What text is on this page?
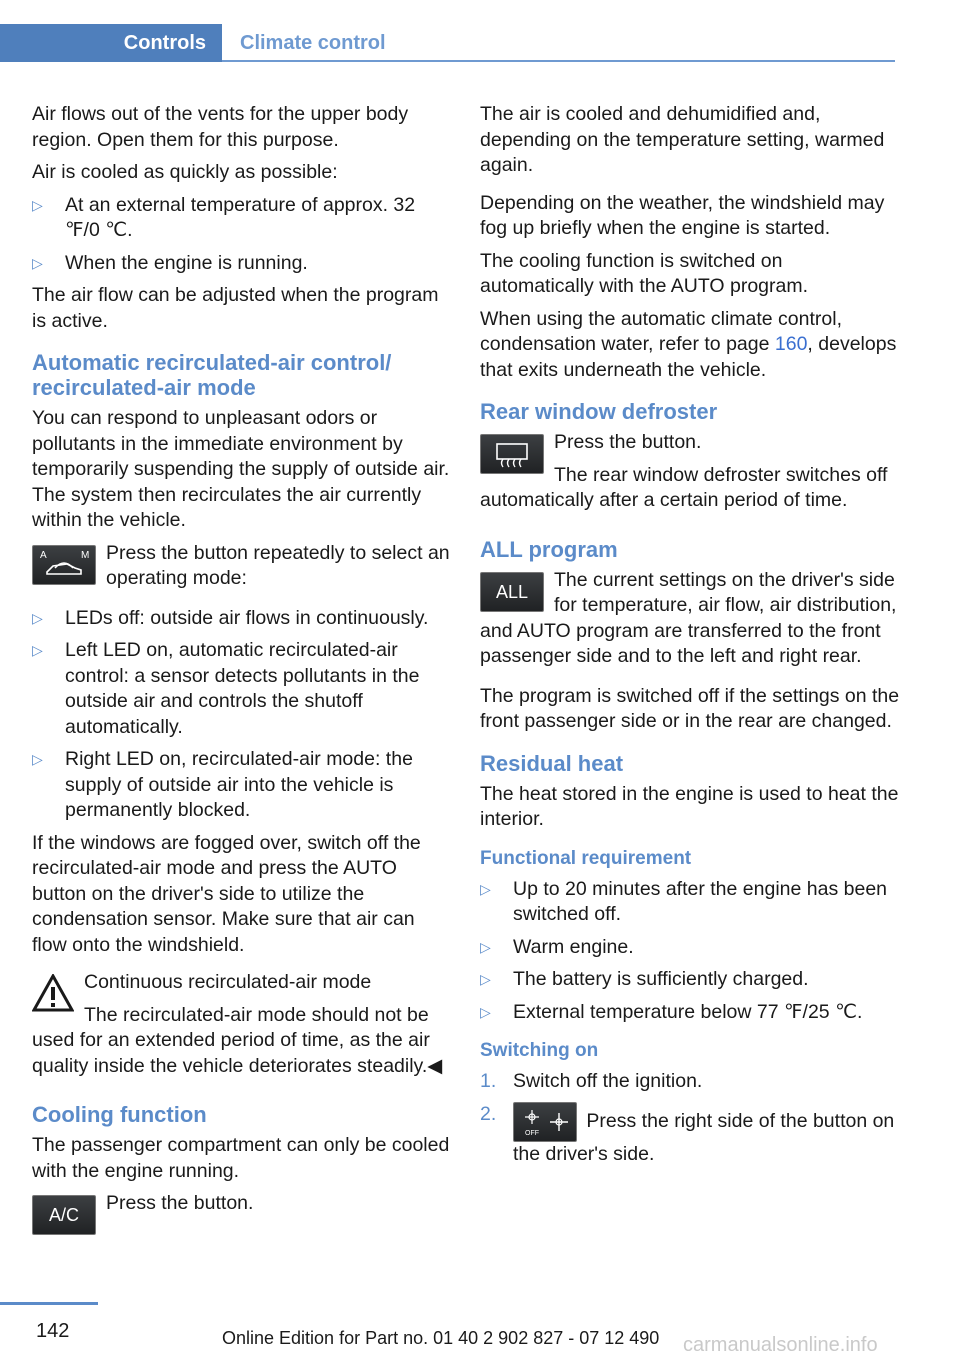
Controls	Climate control

Air flows out of the vents for the upper body region. Open them for this purpose.

Air is cooled as quickly as possible:

▷ At an external temperature of approx. 32 ℉/0 ℃.
▷ When the engine is running.

The air flow can be adjusted when the program is active.

Automatic recirculated-air control/ recirculated-air mode

You can respond to unpleasant odors or pollutants in the immediate environment by temporarily suspending the supply of outside air. The system then recirculates the air currently within the vehicle.

A	M Press the button repeatedly to select an operating mode:

▷ LEDs off: outside air flows in continuously.
▷ Left LED on, automatic recirculated-air control: a sensor detects pollutants in the outside air and controls the shutoff automatically.
▷ Right LED on, recirculated-air mode: the supply of outside air into the vehicle is permanently blocked.

If the windows are fogged over, switch off the recirculated-air mode and press the AUTO button on the driver's side to utilize the condensation sensor. Make sure that air can flow onto the windshield.

Continuous recirculated-air mode

The recirculated-air mode should not be used for an extended period of time, as the air quality inside the vehicle deteriorates steadily.◀

Cooling function

The passenger compartment can only be cooled with the engine running.

A/C

Press the button.

The air is cooled and dehumidified and, depending on the temperature setting, warmed again.

Depending on the weather, the windshield may fog up briefly when the engine is started.

The cooling function is switched on automatically with the AUTO program.

When using the automatic climate control, condensation water, refer to page 160, develops that exits underneath the vehicle.

Rear window defroster

Press the button.

The rear window defroster switches off automatically after a certain period of time.

ALL program
ALL

The current settings on the driver's side for temperature, air flow, air distribution, and AUTO program are transferred to the front passenger side and to the left and right rear.

The program is switched off if the settings on the front passenger side or in the rear are changed.

Residual heat

The heat stored in the engine is used to heat the interior.

Functional requirement
▷ Up to 20 minutes after the engine has been switched off.
▷ Warm engine.
▷ The battery is sufficiently charged.
▷ External temperature below 77 ℉/25 ℃.
Switching on
1. Switch off the ignition.
2.
OFF
Press the right side of the button on the driver's side.
142	Online Edition for Part no. 01 40 2 902 827 - 07 12 490 carmanualsonline.info
